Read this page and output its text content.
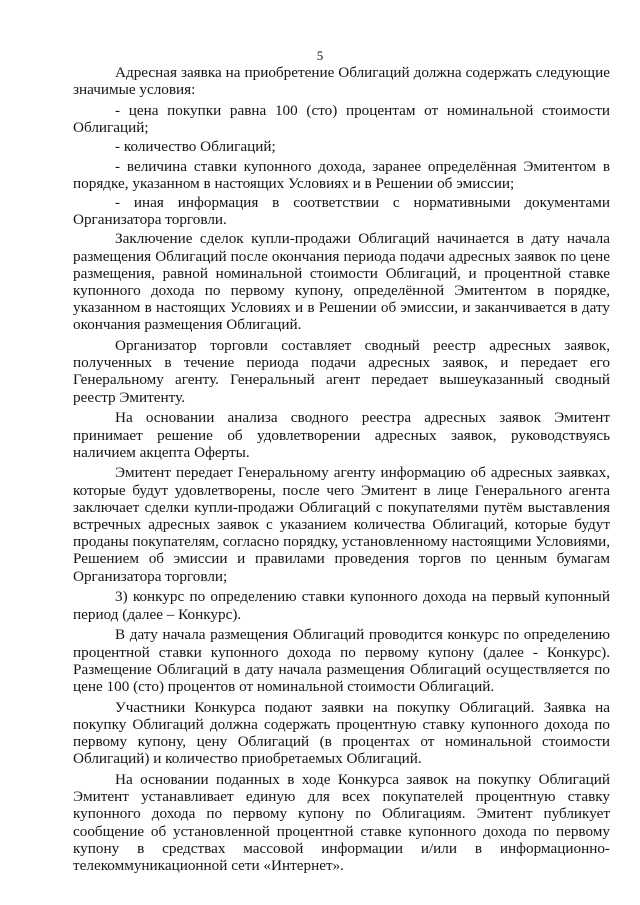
5

Адресная заявка на приобретение Облигаций должна содержать следующие значимые условия:

- цена покупки равна 100 (сто) процентам от номинальной стоимости Облигаций;

- количество Облигаций;

- величина ставки купонного дохода, заранее определённая Эмитентом в порядке, указанном в настоящих Условиях и в Решении об эмиссии;

- иная информация в соответствии с нормативными документами Организатора торговли.

Заключение сделок купли-продажи Облигаций начинается в дату начала размещения Облигаций после окончания периода подачи адресных заявок по цене размещения, равной номинальной стоимости Облигаций, и процентной ставке купонного дохода по первому купону, определённой Эмитентом в порядке, указанном в настоящих Условиях и в Решении об эмиссии, и заканчивается в дату окончания размещения Облигаций.

Организатор торговли составляет сводный реестр адресных заявок, полученных в течение периода подачи адресных заявок, и передает его Генеральному агенту. Генеральный агент передает вышеуказанный сводный реестр Эмитенту.

На основании анализа сводного реестра адресных заявок Эмитент принимает решение об удовлетворении адресных заявок, руководствуясь наличием акцепта Оферты.

Эмитент передает Генеральному агенту информацию об адресных заявках, которые будут удовлетворены, после чего Эмитент в лице Генерального агента заключает сделки купли-продажи Облигаций с покупателями путём выставления встречных адресных заявок с указанием количества Облигаций, которые будут проданы покупателям, согласно порядку, установленному настоящими Условиями, Решением об эмиссии и правилами проведения торгов по ценным бумагам Организатора торговли;

3) конкурс по определению ставки купонного дохода на первый купонный период (далее – Конкурс).

В дату начала размещения Облигаций проводится конкурс по определению процентной ставки купонного дохода по первому купону (далее - Конкурс). Размещение Облигаций в дату начала размещения Облигаций осуществляется по цене 100 (сто) процентов от номинальной стоимости Облигаций.

Участники Конкурса подают заявки на покупку Облигаций. Заявка на покупку Облигаций должна содержать процентную ставку купонного дохода по первому купону, цену Облигаций (в процентах от номинальной стоимости Облигаций) и количество приобретаемых Облигаций.

На основании поданных в ходе Конкурса заявок на покупку Облигаций Эмитент устанавливает единую для всех покупателей процентную ставку купонного дохода по первому купону по Облигациям. Эмитент публикует сообщение об установленной процентной ставке купонного дохода по первому купону в средствах массовой информации и/или в информационно-телекоммуникационной сети «Интернет».
